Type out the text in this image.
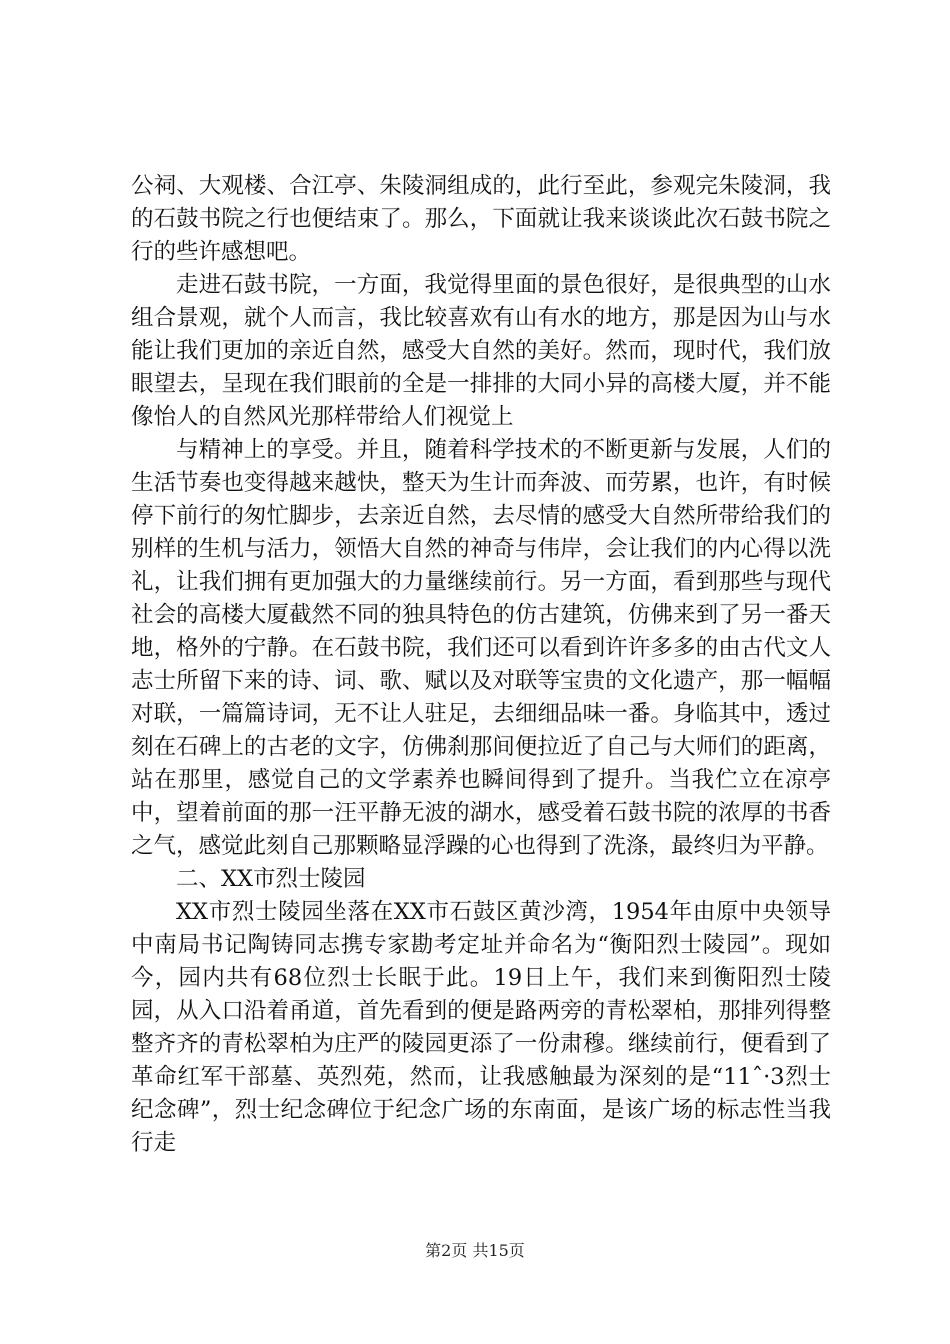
公祠、大观楼、合江亭、朱陵洞组成的，此行至此，参观完朱陵洞，我的石鼓书院之行也便结束了。那么，下面就让我来谈谈此次石鼓书院之行的些许感想吧。

走进石鼓书院，一方面，我觉得里面的景色很好，是很典型的山水组合景观，就个人而言，我比较喜欢有山有水的地方，那是因为山与水能让我们更加的亲近自然，感受大自然的美好。然而，现时代，我们放眼望去，呈现在我们眼前的全是一排排的大同小异的高楼大厦，并不能像怡人的自然风光那样带给人们视觉上

与精神上的享受。并且，随着科学技术的不断更新与发展，人们的生活节奏也变得越来越快，整天为生计而奔波、而劳累，也许，有时候停下前行的匆忙脚步，去亲近自然，去尽情的感受大自然所带给我们的别样的生机与活力，领悟大自然的神奇与伟岸，会让我们的内心得以洗礼，让我们拥有更加强大的力量继续前行。另一方面，看到那些与现代社会的高楼大厦截然不同的独具特色的仿古建筑，仿佛来到了另一番天地，格外的宁静。在石鼓书院，我们还可以看到许许多多的由古代文人志士所留下来的诗、词、歌、赋以及对联等宝贵的文化遗产，那一幅幅对联，一篇篇诗词，无不让人驻足，去细细品味一番。身临其中，透过刻在石碑上的古老的文字，仿佛刹那间便拉近了自己与大师们的距离，站在那里，感觉自己的文学素养也瞬间得到了提升。当我伫立在凉亭中，望着前面的那一汪平静无波的湖水，感受着石鼓书院的浓厚的书香之气，感觉此刻自己那颗略显浮躁的心也得到了洗涤，最终归为平静。

二、XX市烈士陵园

XX市烈士陵园坐落在XX市石鼓区黄沙湾，1954年由原中央领导中南局书记陶铸同志携专家勘考定址并命名为“衡阳烈士陵园”。现如今，园内共有68位烈士长眠于此。19日上午，我们来到衡阳烈士陵园，从入口沿着甬道，首先看到的便是路两旁的青松翠柏，那排列得整整齐齐的青松翠柏为庄严的陵园更添了一份肃穆。继续前行，便看到了革命红军干部墓、英烈苑，然而，让我感触最为深刻的是“11ˆ·3烈士纪念碑”，烈士纪念碑位于纪念广场的东南面，是该广场的标志性当我行走

第2页 共15页
